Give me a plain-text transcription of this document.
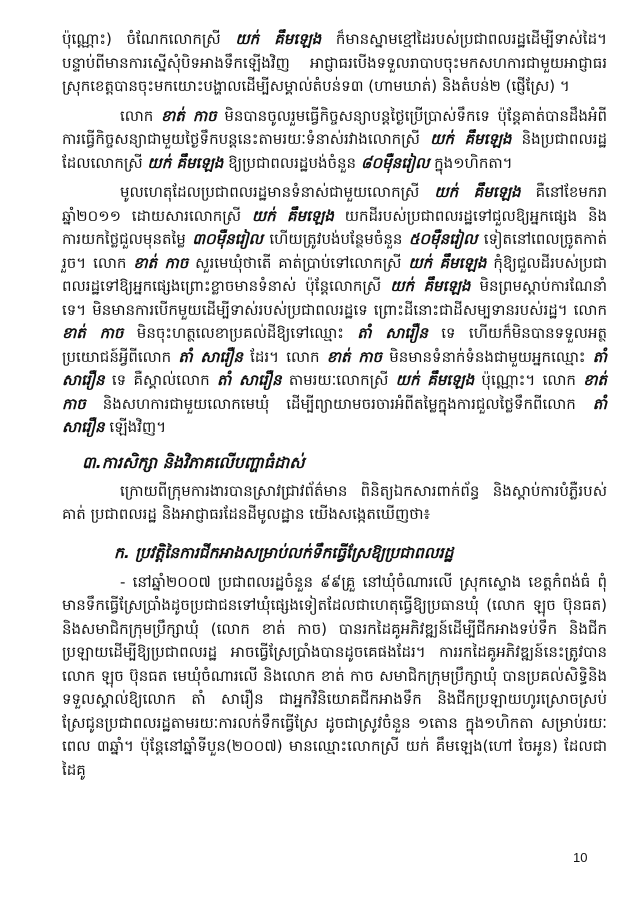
ប៉ុណ្ណោះ) ចំណែកលោកស្រី យក់ គឹមឡេង ក៏មានស្នាមខ្មៅដៃរបស់ប្រជាពលរដ្ឋដើម្បីទាស់ដៃ។ បន្ទាប់ពីមានការស្នើសុំបិទអាងទឹកឡើងវិញ អាជ្ញាធរបើងទទួលរាបាបចុះមកសហការជាមួយអាជ្ញាធរស្រុកខេត្តបានចុះមកយោះបង្ហាលដើម្បីសម្គាល់តំបន់ទ៣ (ហាមឃាត់) និងតំបន់២ (ផ្ញើស្រែ) ។

លោក ខាត់ កាច មិនបានចូលរួមធ្វើកិច្ចសន្យាបន្តថ្ងៃប្រើប្រាស់ទឹកទេ ប៉ុន្តែគាត់បានដឹងអំពីការធ្វើកិច្ចសន្យាជាមួយថ្ងៃទឹកបន្តនេះតាមរយៈទំនាស់រវាងលោកស្រី យក់ គឹមឡេង និងប្រជាពលរដ្ឋដែលលោកស្រី យក់ គឹមឡេង ឱ្យប្រជាពលរដ្ឋបង់ចំនួន ៨០ម៉ឺនរៀល ក្នុង១ហិកតា។

មូលហេតុដែលប្រជាពលរដ្ឋមានទំនាស់ជាមួយលោកស្រី យក់ គឹមឡេង គឺនៅខែមករា ឆ្នាំ២០១១ ដោយសារលោកស្រី យក់ គឹមឡេង យកដីរបស់ប្រជាពលរដ្ឋទៅជួលឱ្យអ្នកផ្សេង និងការយកថ្លៃជួលមុនតម្លៃ ៣០ម៉ឺនរៀល ហើយត្រូវបង់បន្ថែមចំនួន ៥០ម៉ឺនរៀល ទៀតនៅពេលច្រូតកាត់រួច។ លោក ខាត់ កាច សួរមេឃុំថាតើ គាត់ប្រាប់ទៅលោកស្រី យក់ គឹមឡេង កុំឱ្យជួលដីរបស់ប្រជាពលរដ្ឋទៅឱ្យអ្នកផ្សេងព្រោះខ្លាចមានទំនាស់ ប៉ុន្តែលោកស្រី យក់ គឹមឡេង មិនព្រមស្តាប់ការណែនាំទេ។ មិនមានការបើកមួយដើម្បីទាស់របស់ប្រជាពលរដ្ឋទេ ព្រោះដីនោះជាដីសម្បទានរបស់រដ្ឋ។ លោក ខាត់ កាច មិនចុះហត្ថលេខាប្រគល់ដីឱ្យទៅឈ្មោះ តាំ សារឿន ទេ ហើយក៏មិនបានទទួលអត្ថប្រយោជន៍អ្វីពីលោក តាំ សារឿន ដែរ។ លោក ខាត់ កាច មិនមានទំនាក់ទំនងជាមួយអ្នកឈ្មោះ តាំ សារឿន ទេ គឺស្គាល់លោក តាំ សារឿន តាមរយៈលោកស្រី យក់ គឹមឡេង ប៉ុណ្ណោះ។ លោក ខាត់ កាច និងសហការជាមួយលោកមេឃុំ ដើម្បីព្យាយាមចរចារអំពីតម្លៃក្នុងការជួលថ្លៃទឹកពីលោក តាំ សារឿន ឡើងវិញ។

៣.ការសិក្សា និងវិភាគលើបញ្ហាធំដាស់

ក្រោយពីក្រុមការងារបានស្រាវជ្រាវព័ត៌មាន ពិនិត្យឯកសារពាក់ព័ន្ធ និងស្តាប់ការបំភ្លឺរបស់គាត់ ប្រជាពលរដ្ឋ និងអាជ្ញាធរដែនដីមូលដ្ឋាន យើងសង្កេតឃើញថា៖

ក. ប្រវត្តិនៃការជីកអាងសម្រាប់លក់ទឹកធ្វើស្រែឱ្យប្រជាពលរដ្ឋ

- នៅឆ្នាំ២០០៧ ប្រជាពលរដ្ឋចំនួន ៩៩គ្រួ នៅឃុំចំណារលើ ស្រុកស្ទោង ខេត្តកំពង់ធំ ពុំមានទឹកធ្វើស្រែប្រាំងដូចប្រជាជនទៅឃុំផ្សេងទៀតដែលជាហេតុធ្វើឱ្យប្រធានឃុំ (លោក ឡុច ប៊ុនធត) និងសមាជិកក្រុមប្រឹក្សាឃុំ (លោក ខាត់ កាច) បានរកដៃគូអភិវឌ្ឍន៍ដើម្បីជីកអាងទប់ទឹក និងជីកប្រឡាយដើម្បីឱ្យប្រជាពលរដ្ឋ អាចធ្វើស្រែប្រាំងបានដូចគេផងដែរ។ ការរកដៃគូអភិវឌ្ឍន៍នេះត្រូវបានលោក ឡុច ប៊ុនធត មេឃុំចំណារលើ និងលោក ខាត់ កាច សមាជិកក្រុមប្រឹក្សាឃុំ បានប្រគល់សិទ្ធិនិងទទួលស្គាល់ឱ្យលោក តាំ សារឿន ជាអ្នកវិនិយោគជីកអាងទឹក និងជីកប្រឡាយហូរស្រោចស្រប់ស្រែជូនប្រជាពលរដ្ឋតាមរយៈការលក់ទឹកធ្វើស្រែ ដូចជាស្រូវចំនួន ១តោន ក្នុង១ហិកតា សម្រាប់រយៈពេល ៣ឆ្នាំ។ ប៉ុន្តែនៅឆ្នាំទីបួន(២០០៧) មានឈ្មោះលោកស្រី យក់ គឹមឡេង(ហៅ ចែអូន) ដែលជាដៃគូ

10
